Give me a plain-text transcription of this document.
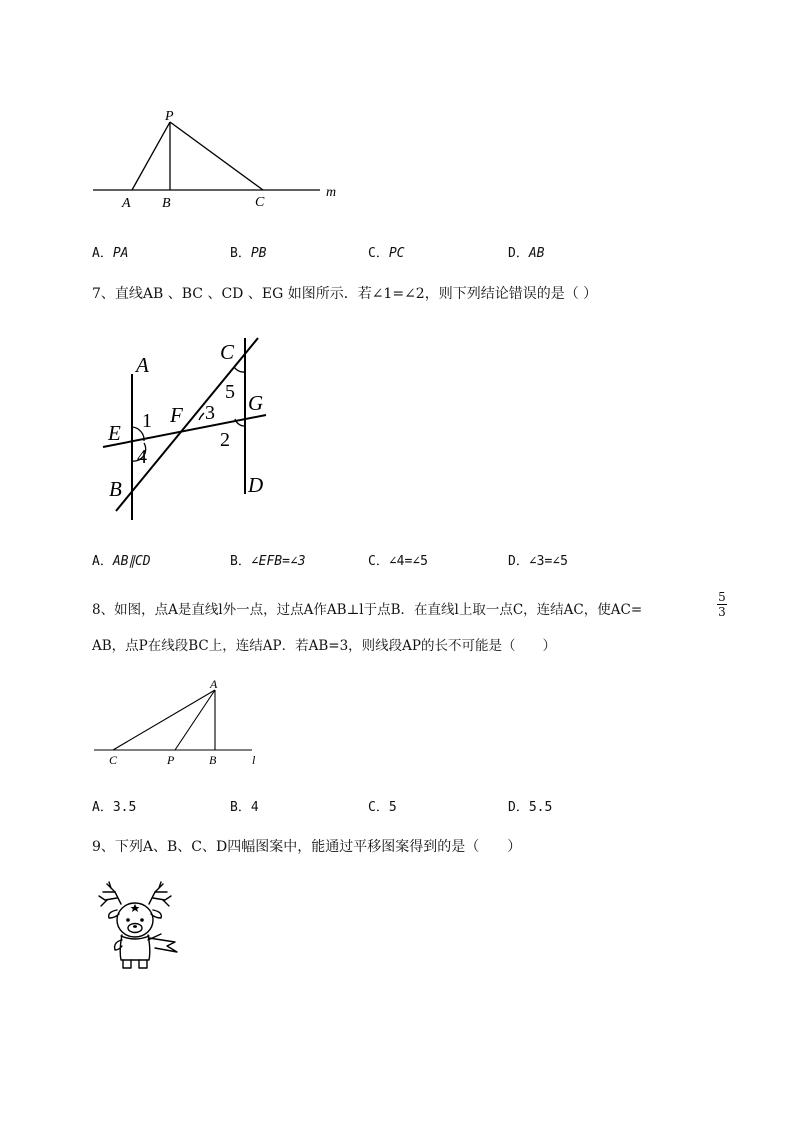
P
A B	C
m
A．PA	B．PB	C．PC	D．AB
7、直线AB 、BC 、CD 、EG 如图所示．若∠1=∠2，则下列结论错误的是（ ）
A
C
G
E
F
B	D
1	3
5
2
4
A．AB∥CD	B．∠EFB=∠3	C．∠4=∠5	D．∠3=∠5
8、如图，点A是直线l外一点，过点A作AB⊥l于点B．在直线l上取一点C，连结AC，使AC=
5
3
AB，点P在线段BC上，连结AP．若AB=3，则线段AP的长不可能是（　　）
A
C	P	B	l
A．3.5	B．4	C．5	D．5.5
9、下列A、B、C、D四幅图案中，能通过平移图案得到的是（　　）
